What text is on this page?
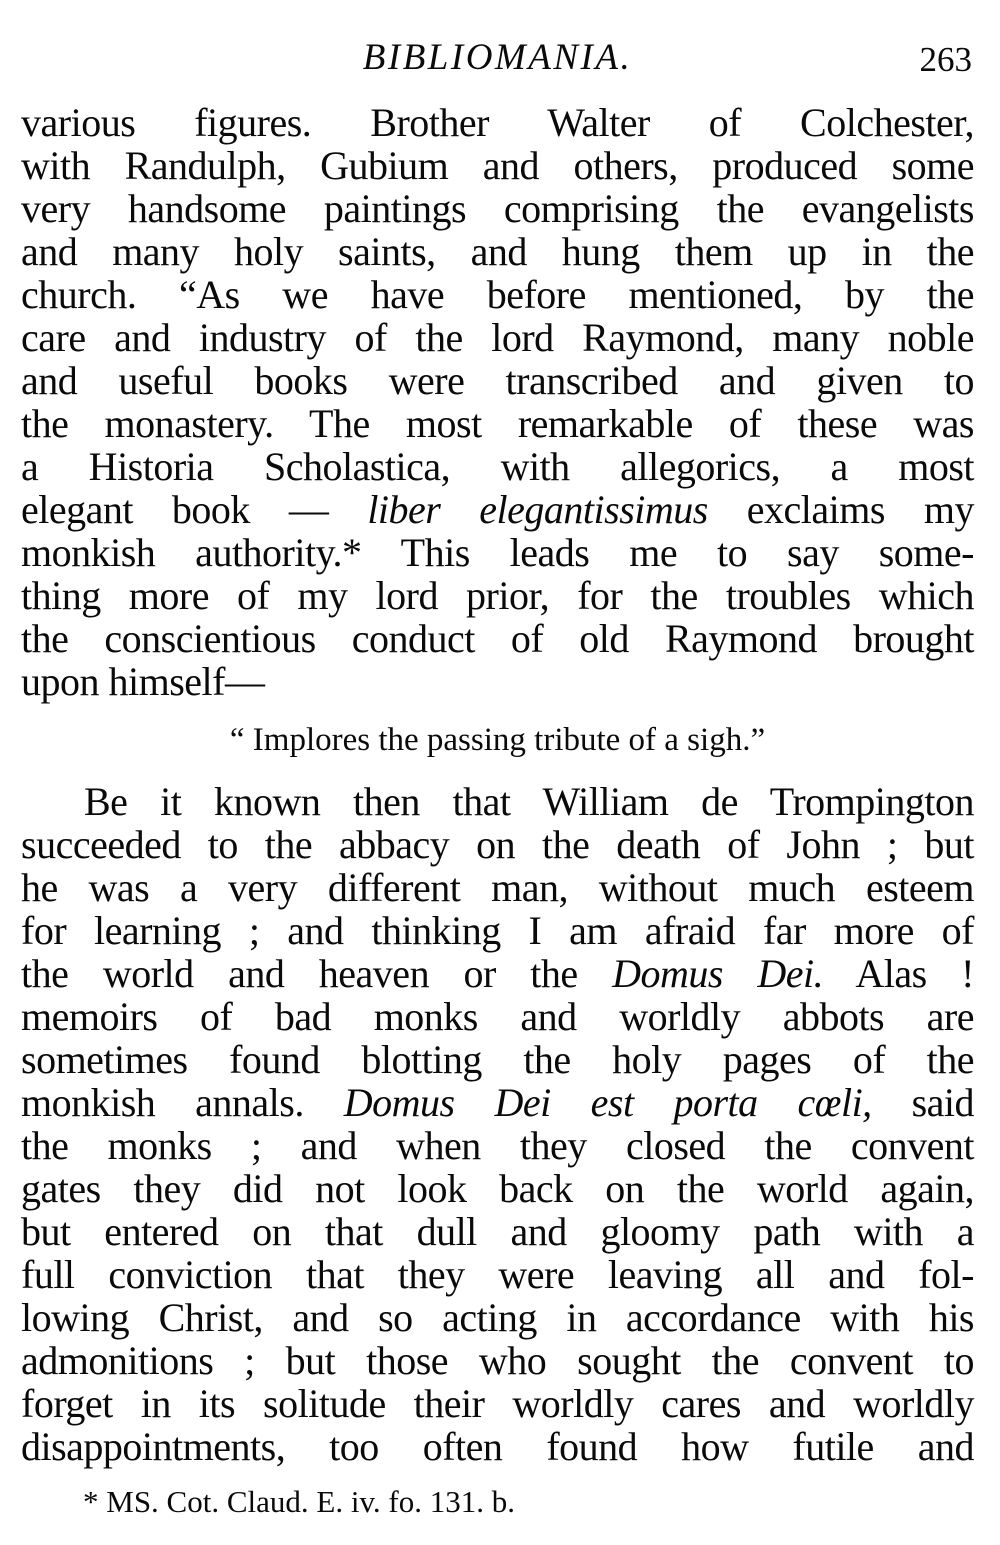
BIBLIOMANIA.	263
various figures. Brother Walter of Colchester,
with Randulph, Gubium and others, produced some
very handsome paintings comprising the evangelists
and many holy saints, and hung them up in the
church. “As we have before mentioned, by the
care and industry of the lord Raymond, many noble
and useful books were transcribed and given to
the monastery. The most remarkable of these was
a Historia Scholastica, with allegorics, a most
elegant book — liber elegantissimus exclaims my
monkish authority.* This leads me to say some-
thing more of my lord prior, for the troubles which
the conscientious conduct of old Raymond brought
upon himself—
“ Implores the passing tribute of a sigh.”
Be it known then that William de Trompington
succeeded to the abbacy on the death of John ; but
he was a very different man, without much esteem
for learning ; and thinking I am afraid far more of
the world and heaven or the Domus Dei. Alas !
memoirs of bad monks and worldly abbots are
sometimes found blotting the holy pages of the
monkish annals. Domus Dei est porta cœli, said
the monks ; and when they closed the convent
gates they did not look back on the world again,
but entered on that dull and gloomy path with a
full conviction that they were leaving all and fol-
lowing Christ, and so acting in accordance with his
admonitions ; but those who sought the convent to
forget in its solitude their worldly cares and worldly
disappointments, too often found how futile and
* MS. Cot. Claud. E. iv. fo. 131. b.
